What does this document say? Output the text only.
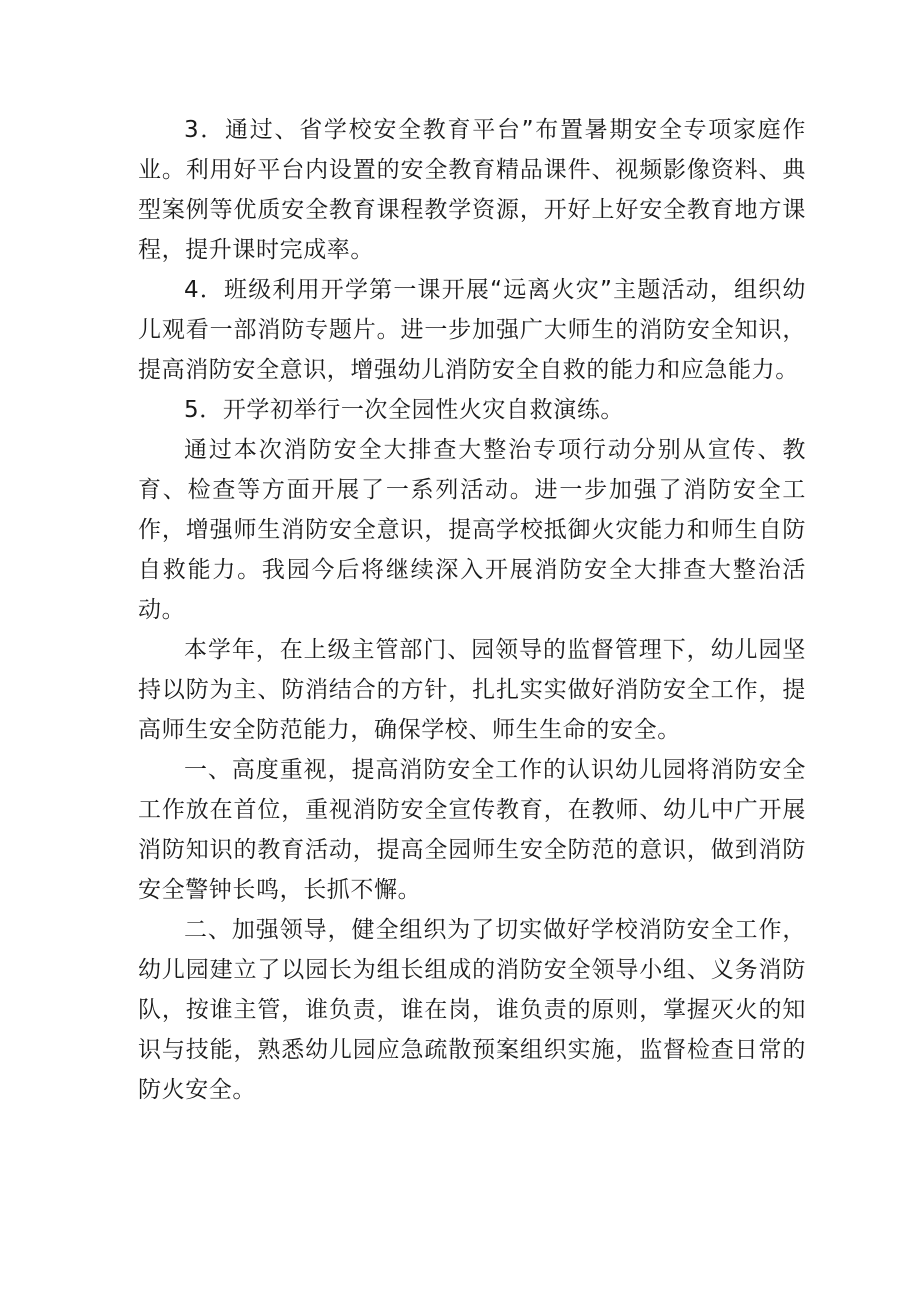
3．通过、省学校安全教育平台”布置暑期安全专项家庭作业。利用好平台内设置的安全教育精品课件、视频影像资料、典型案例等优质安全教育课程教学资源，开好上好安全教育地方课程，提升课时完成率。

4．班级利用开学第一课开展“远离火灾”主题活动，组织幼儿观看一部消防专题片。进一步加强广大师生的消防安全知识，提高消防安全意识，增强幼儿消防安全自救的能力和应急能力。

5．开学初举行一次全园性火灾自救演练。

通过本次消防安全大排查大整治专项行动分别从宣传、教育、检查等方面开展了一系列活动。进一步加强了消防安全工作，增强师生消防安全意识，提高学校抵御火灾能力和师生自防自救能力。我园今后将继续深入开展消防安全大排查大整治活动。

本学年，在上级主管部门、园领导的监督管理下，幼儿园坚持以防为主、防消结合的方针，扎扎实实做好消防安全工作，提高师生安全防范能力，确保学校、师生生命的安全。

一、高度重视，提高消防安全工作的认识幼儿园将消防安全工作放在首位，重视消防安全宣传教育，在教师、幼儿中广开展消防知识的教育活动，提高全园师生安全防范的意识，做到消防安全警钟长鸣，长抓不懈。

二、加强领导，健全组织为了切实做好学校消防安全工作，幼儿园建立了以园长为组长组成的消防安全领导小组、义务消防队，按谁主管，谁负责，谁在岗，谁负责的原则，掌握灭火的知识与技能，熟悉幼儿园应急疏散预案组织实施，监督检查日常的防火安全。
